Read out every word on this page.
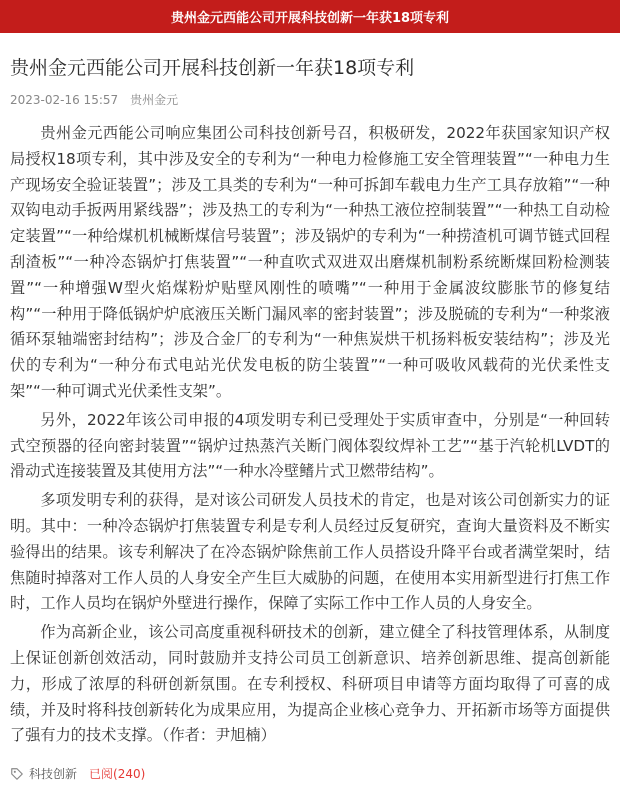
贵州金元西能公司开展科技创新一年获18项专利
贵州金元西能公司开展科技创新一年获18项专利
2023-02-16 15:57 贵州金元

贵州金元西能公司响应集团公司科技创新号召，积极研发，2022年获国家知识产权局授权18项专利，其中涉及安全的专利为“一种电力检修施工安全管理装置”“一种电力生产现场安全验证装置”；涉及工具类的专利为“一种可拆卸车载电力生产工具存放箱”“一种双钩电动手扳两用紧线器”；涉及热工的专利为“一种热工液位控制装置”“一种热工自动检定装置”“一种给煤机机械断煤信号装置”；涉及锅炉的专利为“一种捞渣机可调节链式回程刮渣板”“一种冷态锅炉打焦装置”“一种直吹式双进双出磨煤机制粉系统断煤回粉检测装置”“一种增强W型火焰煤粉炉贴壁风刚性的喷嘴”“一种用于金属波纹膨胀节的修复结构”“一种用于降低锅炉炉底液压关断门漏风率的密封装置”；涉及脱硫的专利为“一种浆液循环泵轴端密封结构”；涉及合金厂的专利为“一种焦炭烘干机扬料板安装结构”；涉及光伏的专利为“一种分布式电站光伏发电板的防尘装置”“一种可吸收风载荷的光伏柔性支架”“一种可调式光伏柔性支架”。

另外，2022年该公司申报的4项发明专利已受理处于实质审查中，分别是“一种回转式空预器的径向密封装置”“锅炉过热蒸汽关断门阀体裂纹焊补工艺”“基于汽轮机LVDT的滑动式连接装置及其使用方法”“一种水冷壁鳍片式卫燃带结构”。

多项发明专利的获得，是对该公司研发人员技术的肯定，也是对该公司创新实力的证明。其中：一种冷态锅炉打焦装置专利是专利人员经过反复研究，查询大量资料及不断实验得出的结果。该专利解决了在冷态锅炉除焦前工作人员搭设升降平台或者满堂架时，结焦随时掉落对工作人员的人身安全产生巨大威胁的问题，在使用本实用新型进行打焦工作时，工作人员均在锅炉外壁进行操作，保障了实际工作中工作人员的人身安全。

作为高新企业，该公司高度重视科研技术的创新，建立健全了科技管理体系，从制度上保证创新创效活动，同时鼓励并支持公司员工创新意识、培养创新思维、提高创新能力，形成了浓厚的科研创新氛围。在专利授权、科研项目申请等方面均取得了可喜的成绩，并及时将科技创新转化为成果应用，为提高企业核心竞争力、开拓新市场等方面提供了强有力的技术支撑。（作者：尹旭楠）

科技创新 已阅(240)
